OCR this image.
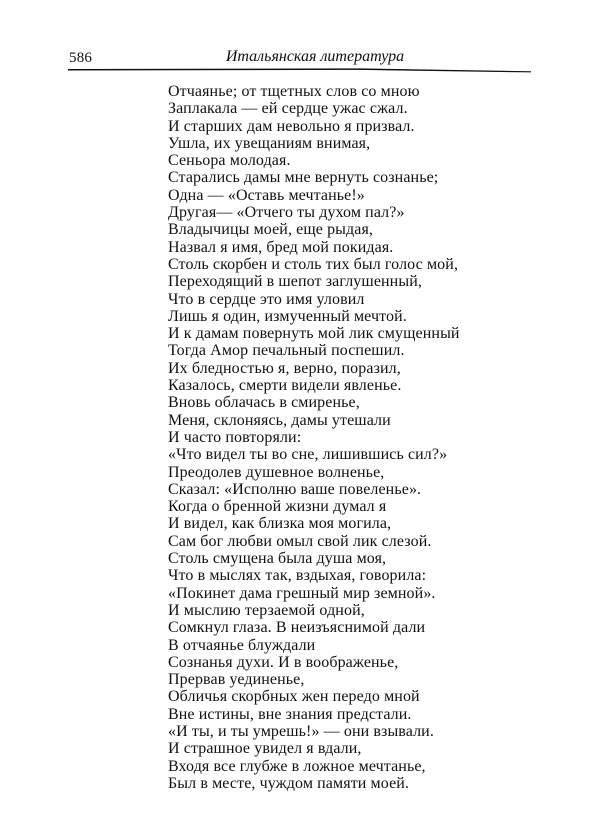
586	Итальянская литература
Отчаянье; от тщетных слов со мною
Заплакала — ей сердце ужас сжал.
И старших дам невольно я призвал.
Ушла, их увещаниям внимая,
Сеньора молодая.
Старались дамы мне вернуть сознанье;
Одна — «Оставь мечтанье!»
Другая— «Отчего ты духом пал?»
Владычицы моей, еще рыдая,
Назвал я имя, бред мой покидая.
Столь скорбен и столь тих был голос мой,
Переходящий в шепот заглушенный,
Что в сердце это имя уловил
Лишь я один, измученный мечтой.
И к дамам повернуть мой лик смущенный
Тогда Амор печальный поспешил.
Их бледностью я, верно, поразил,
Казалось, смерти видели явленье.
Вновь облачась в смиренье,
Меня, склоняясь, дамы утешали
И часто повторяли:
«Что видел ты во сне, лишившись сил?»
Преодолев душевное волненье,
Сказал: «Исполню ваше повеленье».
Когда о бренной жизни думал я
И видел, как близка моя могила,
Сам бог любви омыл свой лик слезой.
Столь смущена была душа моя,
Что в мыслях так, вздыхая, говорила:
«Покинет дама грешный мир земной».
И мыслию терзаемой одной,
Сомкнул глаза. В неизъяснимой дали
В отчаянье блуждали
Сознанья духи. И в воображенье,
Прервав уединенье,
Обличья скорбных жен передо мной
Вне истины, вне знания предстали.
«И ты, и ты умрешь!» — они взывали.
И страшное увидел я вдали,
Входя все глубже в ложное мечтанье,
Был в месте, чуждом памяти моей.
